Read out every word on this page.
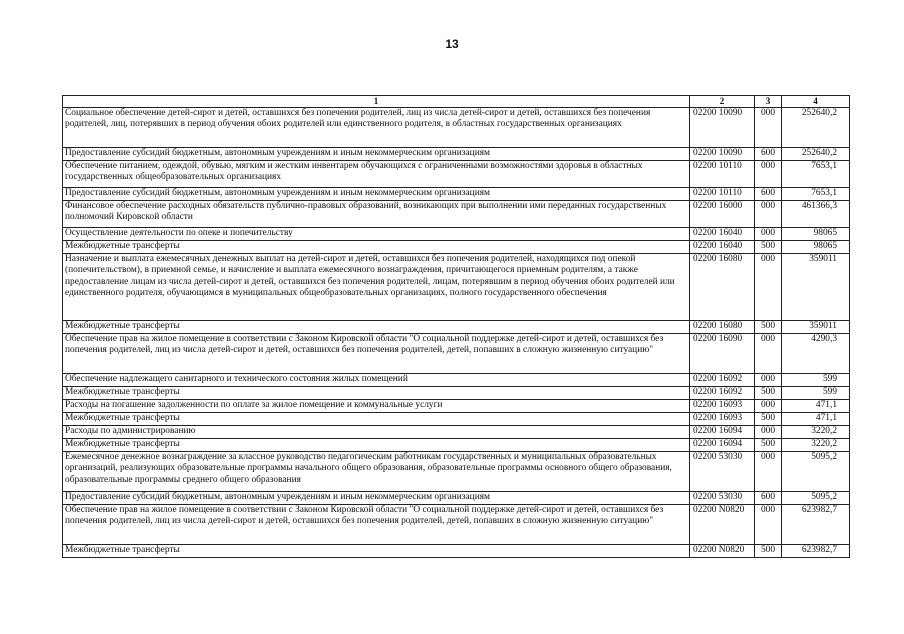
13
1	2	3	4
Социальное обеспечение детей-сирот и детей, оставшихся без попечения родителей, лиц из числа детей-сирот и детей, оставшихся без попечения родителей, лиц, потерявших в период обучения обоих родителей или единственного родителя, в областных государственных организациях	02200 10090	000	252640,2
Предоставление субсидий бюджетным, автономным учреждениям и иным некоммерческим организациям	02200 10090	600	252640,2
Обеспечение питанием, одеждой, обувью, мягким и жестким инвентарем обучающихся с ограниченными возможностями здоровья в областных государственных общеобразовательных организациях	02200 10110	000	7653,1
Предоставление субсидий бюджетным, автономным учреждениям и иным некоммерческим организациям	02200 10110	600	7653,1
Финансовое обеспечение расходных обязательств публично-правовых образований, возникающих при выполнении ими переданных государственных полномочий Кировской области	02200 16000	000	461366,3
Осуществление деятельности по опеке и попечительству	02200 16040	000	98065
Межбюджетные трансферты	02200 16040	500	98065
Назначение и выплата ежемесячных денежных выплат на детей-сирот и детей, оставшихся без попечения родителей, находящихся под опекой (попечительством), в приемной семье, и начисление и выплата ежемесячного вознаграждения, причитающегося приемным родителям, а также предоставление лицам из числа детей-сирот и детей, оставшихся без попечения родителей, лицам, потерявшим в период обучения обоих родителей или единственного родителя, обучающимся в муниципальных общеобразовательных организациях, полного государственного обеспечения	02200 16080	000	359011
Межбюджетные трансферты	02200 16080	500	359011
Обеспечение прав на жилое помещение в соответствии с Законом Кировской области "О социальной поддержке детей-сирот и детей, оставшихся без попечения родителей, лиц из числа детей-сирот и детей, оставшихся без попечения родителей, детей, попавших в сложную жизненную ситуацию"	02200 16090	000	4290,3
Обеспечение надлежащего санитарного и технического состояния жилых помещений	02200 16092	000	599
Межбюджетные трансферты	02200 16092	500	599
Расходы на погашение задолженности по оплате за жилое помещение и коммунальные услуги	02200 16093	000	471,1
Межбюджетные трансферты	02200 16093	500	471,1
Расходы по администрированию	02200 16094	000	3220,2
Межбюджетные трансферты	02200 16094	500	3220,2
Ежемесячное денежное вознаграждение за классное руководство педагогическим работникам государственных и муниципальных образовательных организаций, реализующих образовательные программы начального общего образования, образовательные программы основного общего образования, образовательные программы среднего общего образования	02200 53030	000	5095,2
Предоставление субсидий бюджетным, автономным учреждениям и иным некоммерческим организациям	02200 53030	600	5095,2
Обеспечение прав на жилое помещение в соответствии с Законом Кировской области "О социальной поддержке детей-сирот и детей, оставшихся без попечения родителей, лиц из числа детей-сирот и детей, оставшихся без попечения родителей, детей, попавших в сложную жизненную ситуацию"	02200 N0820	000	623982,7
Межбюджетные трансферты	02200 N0820	500	623982,7
